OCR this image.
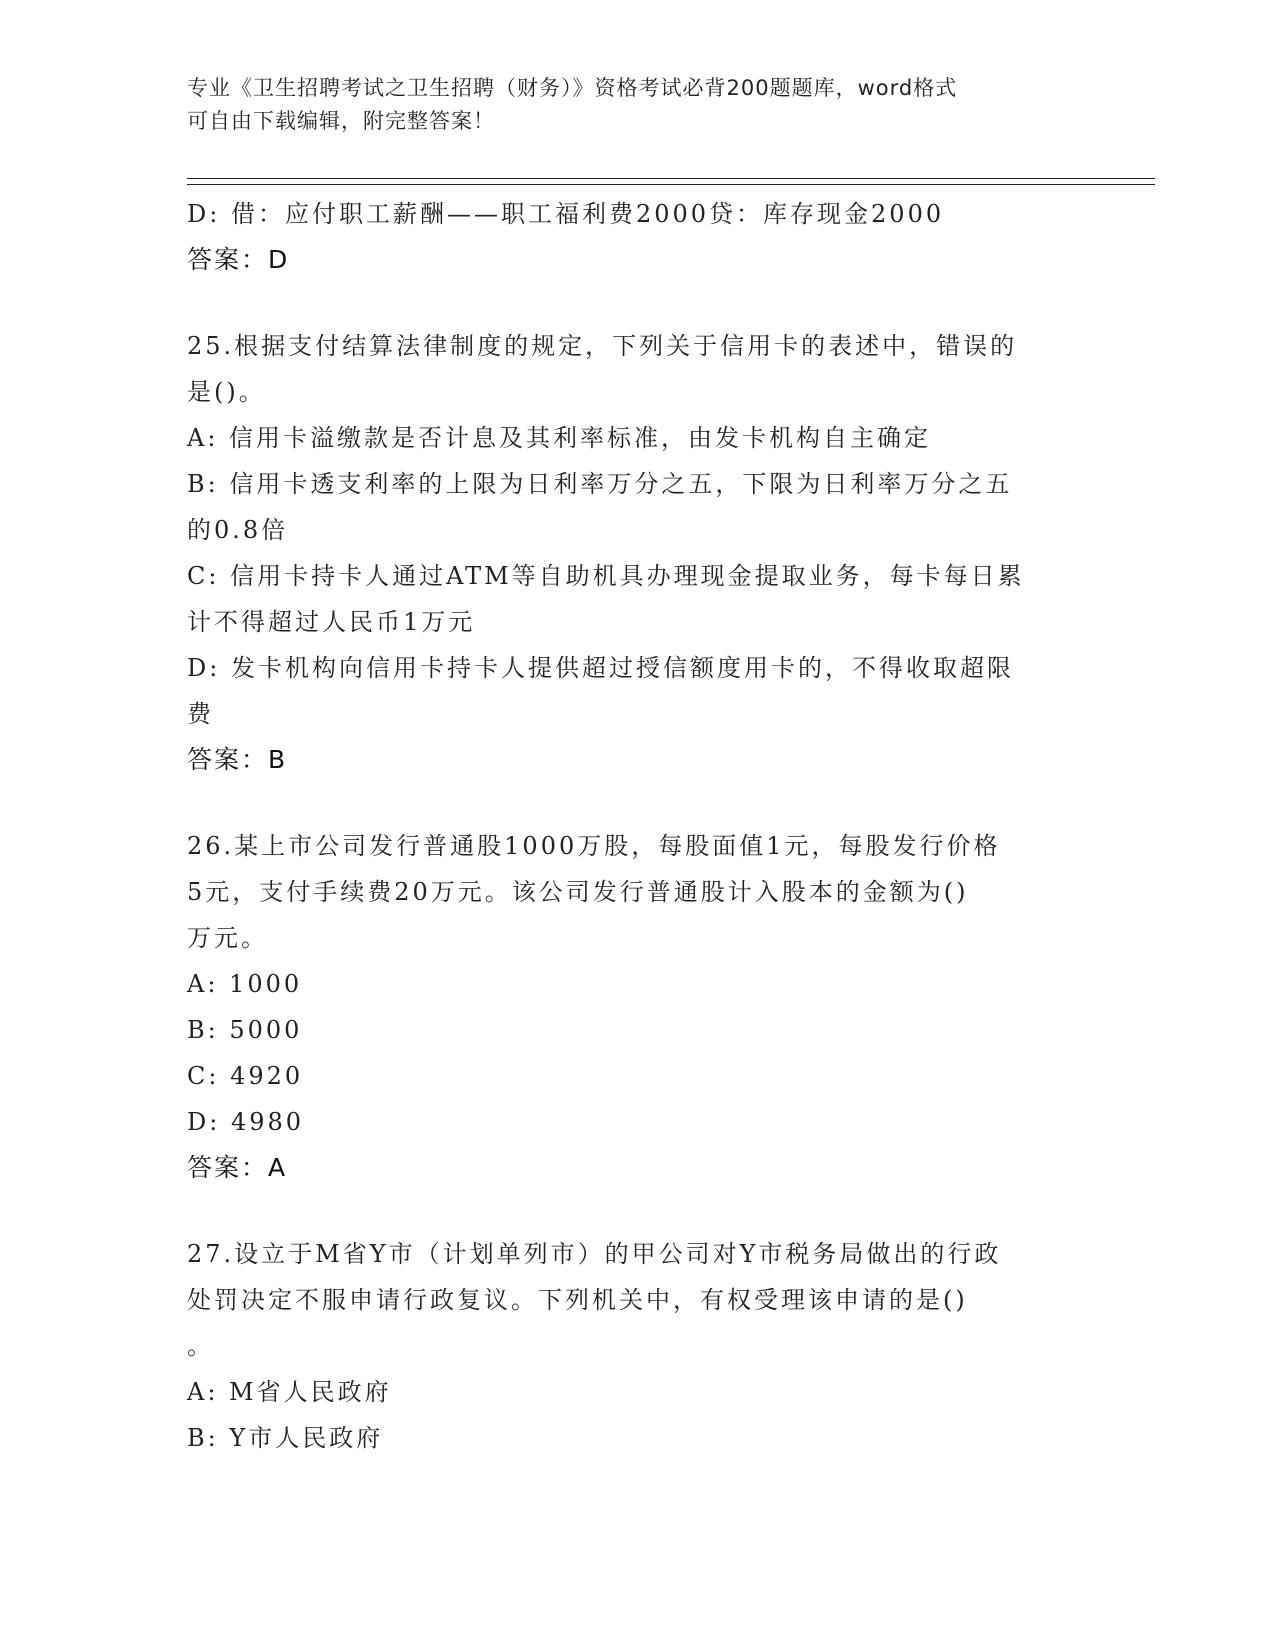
专业《卫生招聘考试之卫生招聘（财务）》资格考试必背200题题库，word格式
可自由下载编辑，附完整答案！
D: 借：应付职工薪酬——职工福利费2000贷：库存现金2000
答案：D
25.根据支付结算法律制度的规定，下列关于信用卡的表述中，错误的
是()。
A: 信用卡溢缴款是否计息及其利率标准，由发卡机构自主确定
B: 信用卡透支利率的上限为日利率万分之五，下限为日利率万分之五
的0.8倍
C: 信用卡持卡人通过ATM等自助机具办理现金提取业务，每卡每日累
计不得超过人民币1万元
D: 发卡机构向信用卡持卡人提供超过授信额度用卡的，不得收取超限
费
答案：B
26.某上市公司发行普通股1000万股，每股面值1元，每股发行价格
5元，支付手续费20万元。该公司发行普通股计入股本的金额为()
万元。
A: 1000
B: 5000
C: 4920
D: 4980
答案：A
27.设立于M省Y市（计划单列市）的甲公司对Y市税务局做出的行政
处罚决定不服申请行政复议。下列机关中，有权受理该申请的是()
。
A: M省人民政府
B: Y市人民政府
